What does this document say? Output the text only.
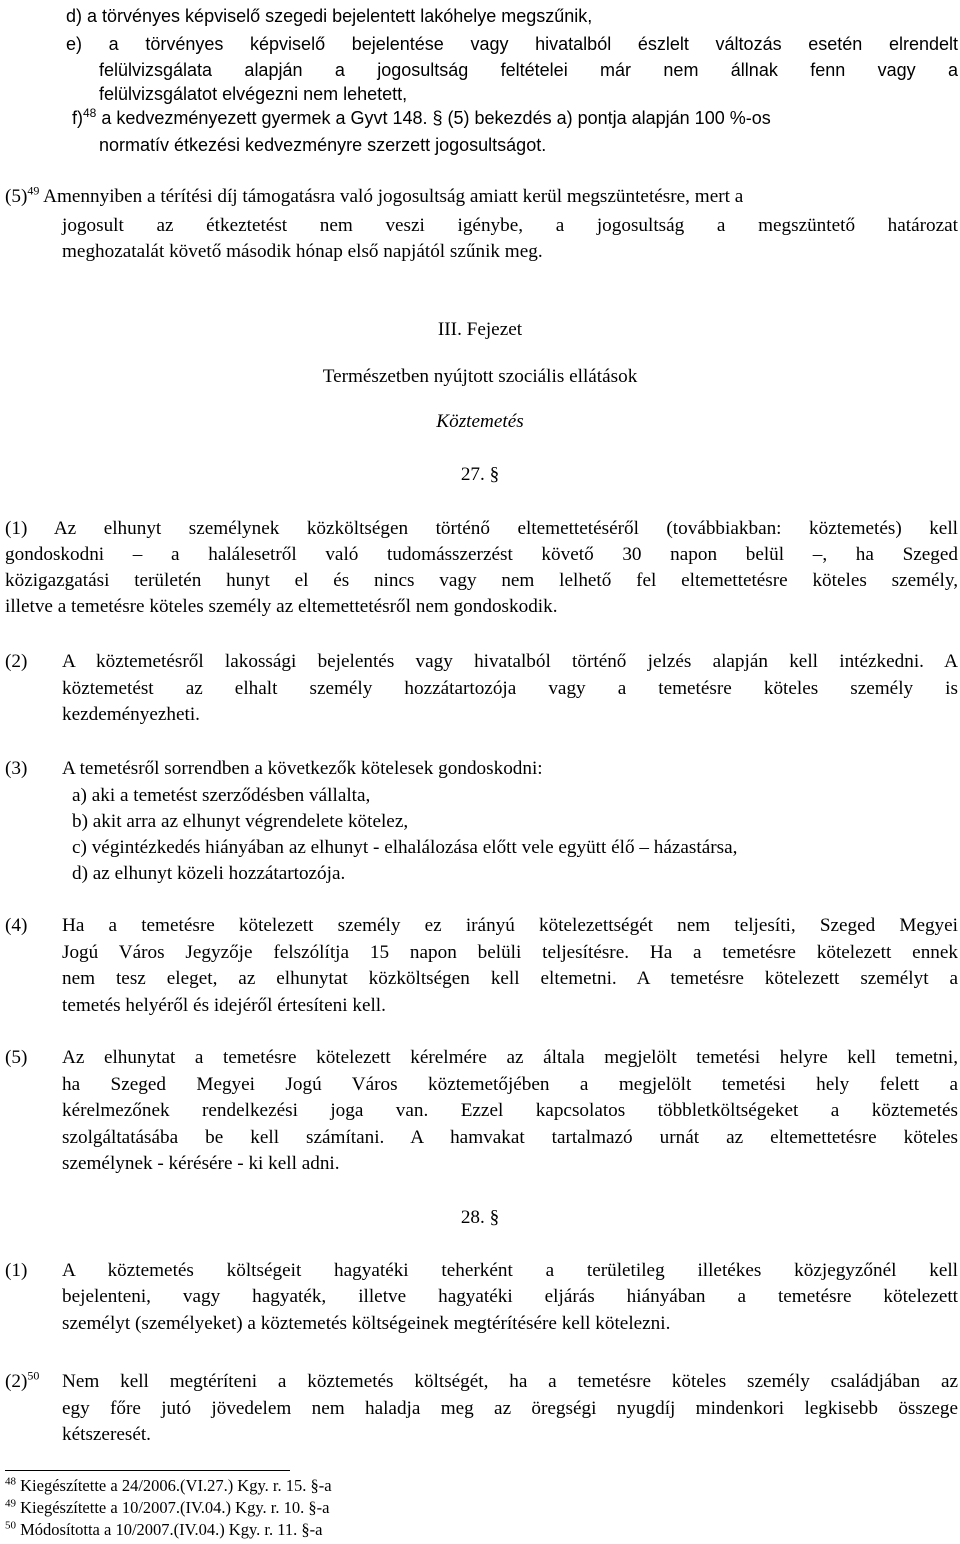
d) a törvényes képviselő szegedi bejelentett lakóhelye megszűnik,
e) a törvényes képviselő bejelentése vagy hivatalból észlelt változás esetén elrendelt
felülvizsgálata alapján a jogosultság feltételei már nem állnak fenn vagy a
felülvizsgálatot elvégezni nem lehetett,
f)$^{48}$ a kedvezményezett gyermek a Gyvt 148. § (5) bekezdés a) pontja alapján 100 %-os
normatív étkezési kedvezményre szerzett jogosultságot.
$(5)^{49}$ Amennyiben a térítési díj támogatásra való jogosultság amiatt kerül megszüntetésre, mert a
jogosult az étkeztetést nem veszi igénybe, a jogosultság a megszüntető határozat
meghozatalát követő második hónap első napjától szűnik meg.
III. Fejezet
Természetben nyújtott szociális ellátások
Köztemetés
27. §
(1) Az elhunyt személynek közköltségen történő eltemettetéséről (továbbiakban: köztemetés) kell
gondoskodni – a halálesetről való tudomásszerzést követő 30 napon belül –, ha Szeged
közigazgatási területén hunyt el és nincs vagy nem lelhető fel eltemettetésre köteles személy,
illetve a temetésre köteles személy az eltemettetésről nem gondoskodik.
(2) A köztemetésről lakossági bejelentés vagy hivatalból történő jelzés alapján kell intézkedni. A
köztemetést az elhalt személy hozzátartozója vagy a temetésre köteles személy is
kezdeményezheti.
(3) A temetésről sorrendben a következők kötelesek gondoskodni:
a) aki a temetést szerződésben vállalta,
b) akit arra az elhunyt végrendelete kötelez,
c) végintézkedés hiányában az elhunyt - elhalálozása előtt vele együtt élő – házastársa,
d) az elhunyt közeli hozzátartozója.
(4) Ha a temetésre kötelezett személy ez irányú kötelezettségét nem teljesíti, Szeged Megyei
Jogú Város Jegyzője felszólítja 15 napon belüli teljesítésre. Ha a temetésre kötelezett ennek
nem tesz eleget, az elhunytat közköltségen kell eltemetni. A temetésre kötelezett személyt a
temetés helyéről és idejéről értesíteni kell.
(5) Az elhunytat a temetésre kötelezett kérelmére az általa megjelölt temetési helyre kell temetni,
ha Szeged Megyei Jogú Város köztemetőjében a megjelölt temetési hely felett a
kérelmezőnek rendelkezési joga van. Ezzel kapcsolatos többletköltségeket a köztemetés
szolgáltatásába be kell számítani. A hamvakat tartalmazó urnát az eltemettetésre köteles
személynek - kérésére - ki kell adni.
28. §
(1) A köztemetés költségeit hagyatéki teherként a területileg illetékes közjegyzőnél kell
bejelenteni, vagy hagyaték, illetve hagyatéki eljárás hiányában a temetésre kötelezett
személyt (személyeket) a köztemetés költségeinek megtérítésére kell kötelezni.
$(2)^{50}$ Nem kell megtéríteni a köztemetés költségét, ha a temetésre köteles személy családjában az
egy főre jutó jövedelem nem haladja meg az öregségi nyugdíj mindenkori legkisebb összege
kétszeresét.
$^{48}$ Kiegészítette a 24/2006.(VI.27.) Kgy. r. 15. §-a
$^{49}$ Kiegészítette a 10/2007.(IV.04.) Kgy. r. 10. §-a
$^{50}$ Módosította a 10/2007.(IV.04.) Kgy. r. 11. §-a
